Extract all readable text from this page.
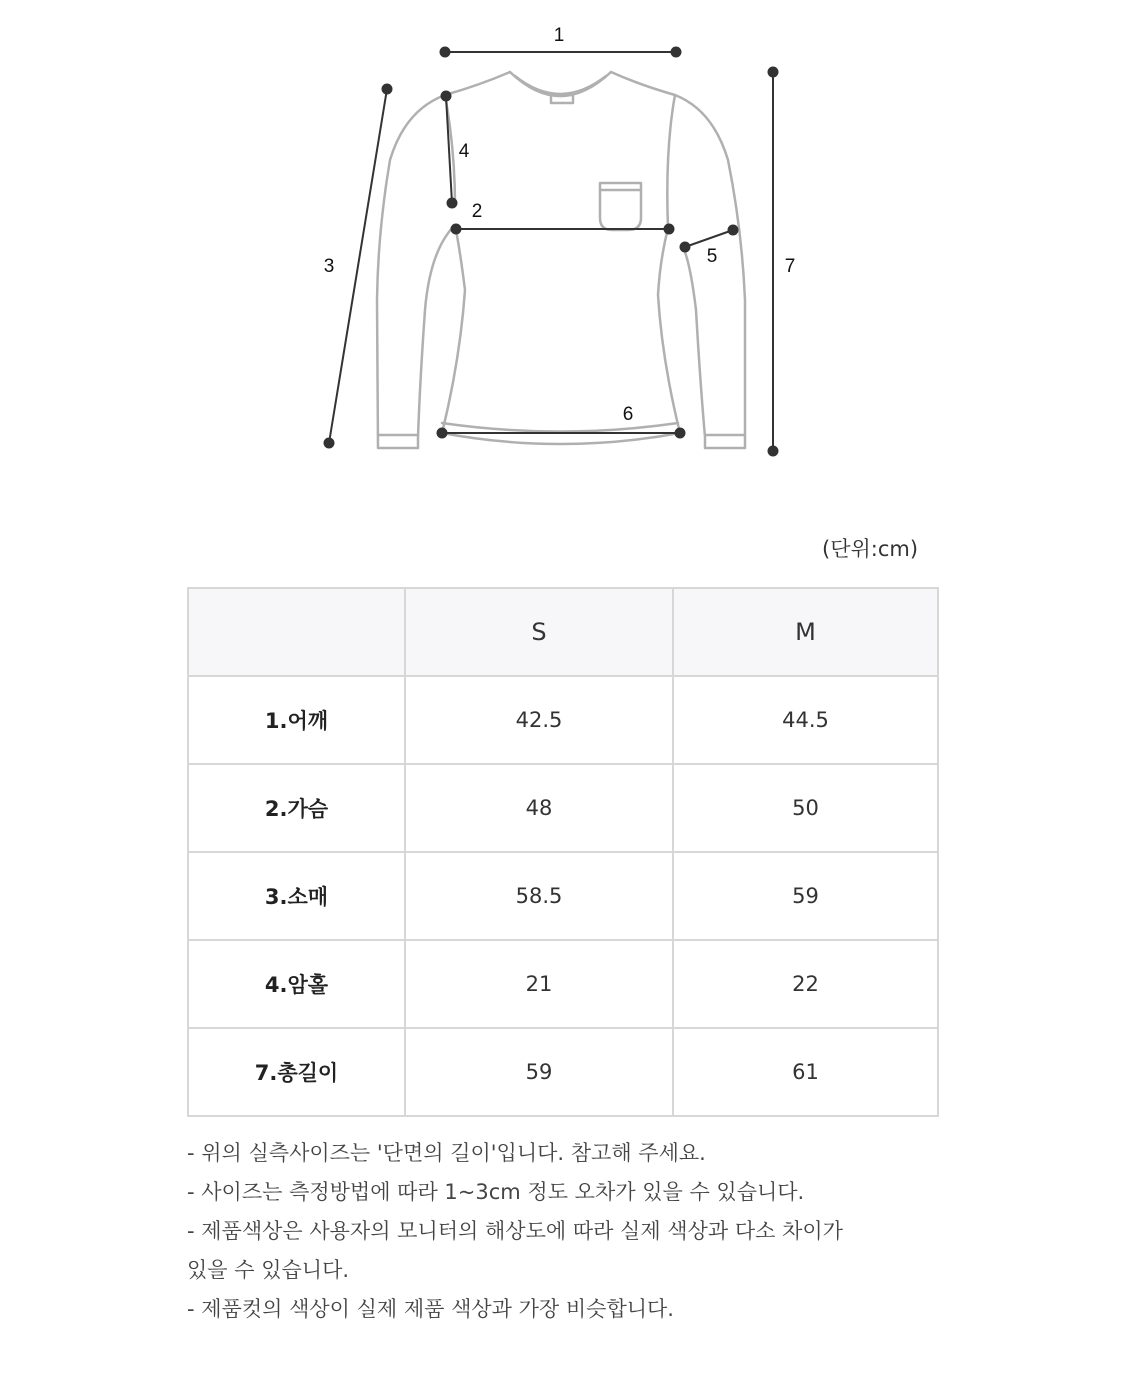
1
2
3
4
5
6
7
(단위:cm)
	S	M
1.어깨	42.5	44.5
2.가슴	48	50
3.소매	58.5	59
4.암홀	21	22
7.총길이	59	61

- 위의 실측사이즈는 '단면의 길이'입니다. 참고해 주세요.

- 사이즈는 측정방법에 따라 1~3cm 정도 오차가 있을 수 있습니다.

- 제품색상은 사용자의 모니터의 해상도에 따라 실제 색상과 다소 차이가

있을 수 있습니다.

- 제품컷의 색상이 실제 제품 색상과 가장 비슷합니다.
